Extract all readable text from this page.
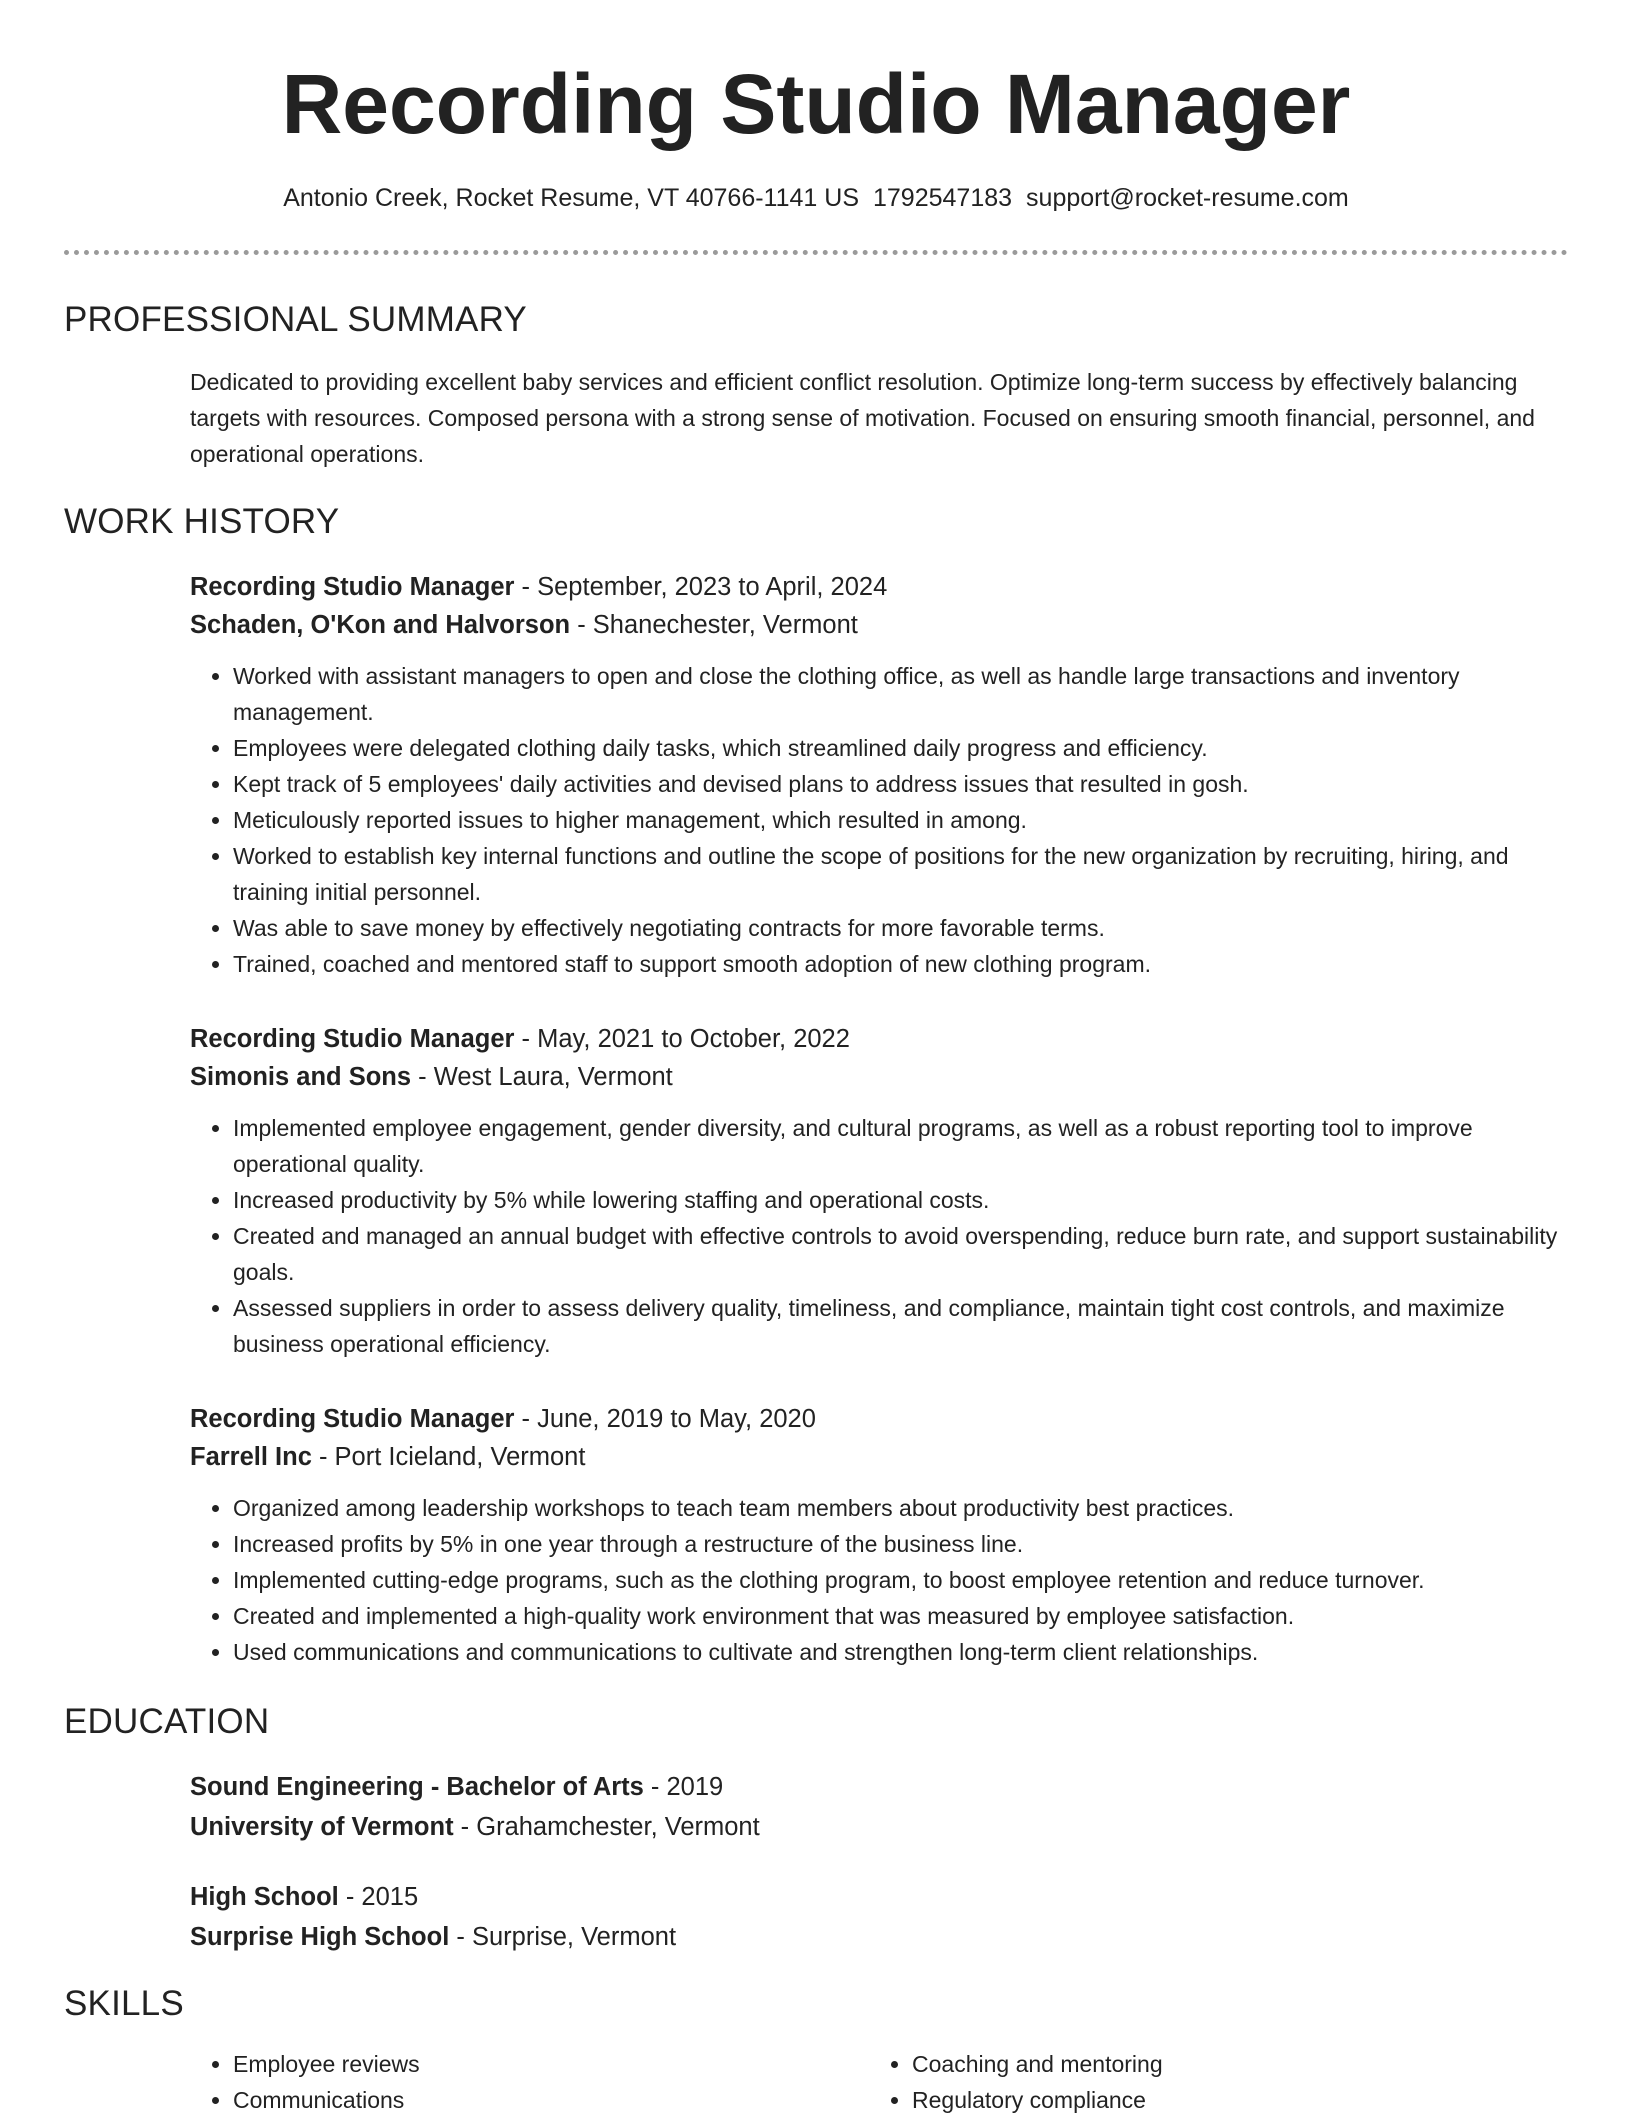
Recording Studio Manager
Antonio Creek, Rocket Resume, VT 40766-1141 US 1792547183 support@rocket-resume.com
PROFESSIONAL SUMMARY

Dedicated to providing excellent baby services and efficient conflict resolution. Optimize long-term success by effectively balancing targets with resources. Composed persona with a strong sense of motivation. Focused on ensuring smooth financial, personnel, and operational operations.

WORK HISTORY
Recording Studio Manager - September, 2023 to April, 2024
Schaden, O'Kon and Halvorson - Shanechester, Vermont
• Worked with assistant managers to open and close the clothing office, as well as handle large transactions and inventory management.
• Employees were delegated clothing daily tasks, which streamlined daily progress and efficiency.
• Kept track of 5 employees' daily activities and devised plans to address issues that resulted in gosh.
• Meticulously reported issues to higher management, which resulted in among.
• Worked to establish key internal functions and outline the scope of positions for the new organization by recruiting, hiring, and training initial personnel.
• Was able to save money by effectively negotiating contracts for more favorable terms.
• Trained, coached and mentored staff to support smooth adoption of new clothing program.
Recording Studio Manager - May, 2021 to October, 2022
Simonis and Sons - West Laura, Vermont
• Implemented employee engagement, gender diversity, and cultural programs, as well as a robust reporting tool to improve operational quality.
• Increased productivity by 5% while lowering staffing and operational costs.
• Created and managed an annual budget with effective controls to avoid overspending, reduce burn rate, and support sustainability goals.
• Assessed suppliers in order to assess delivery quality, timeliness, and compliance, maintain tight cost controls, and maximize business operational efficiency.
Recording Studio Manager - June, 2019 to May, 2020
Farrell Inc - Port Icieland, Vermont
• Organized among leadership workshops to teach team members about productivity best practices.
• Increased profits by 5% in one year through a restructure of the business line.
• Implemented cutting-edge programs, such as the clothing program, to boost employee retention and reduce turnover.
• Created and implemented a high-quality work environment that was measured by employee satisfaction.
• Used communications and communications to cultivate and strengthen long-term client relationships.
EDUCATION
Sound Engineering - Bachelor of Arts - 2019
University of Vermont - Grahamchester, Vermont
High School - 2015
Surprise High School - Surprise, Vermont
SKILLS
• Employee reviews
• Communications
• Coaching and mentoring
• Regulatory compliance
